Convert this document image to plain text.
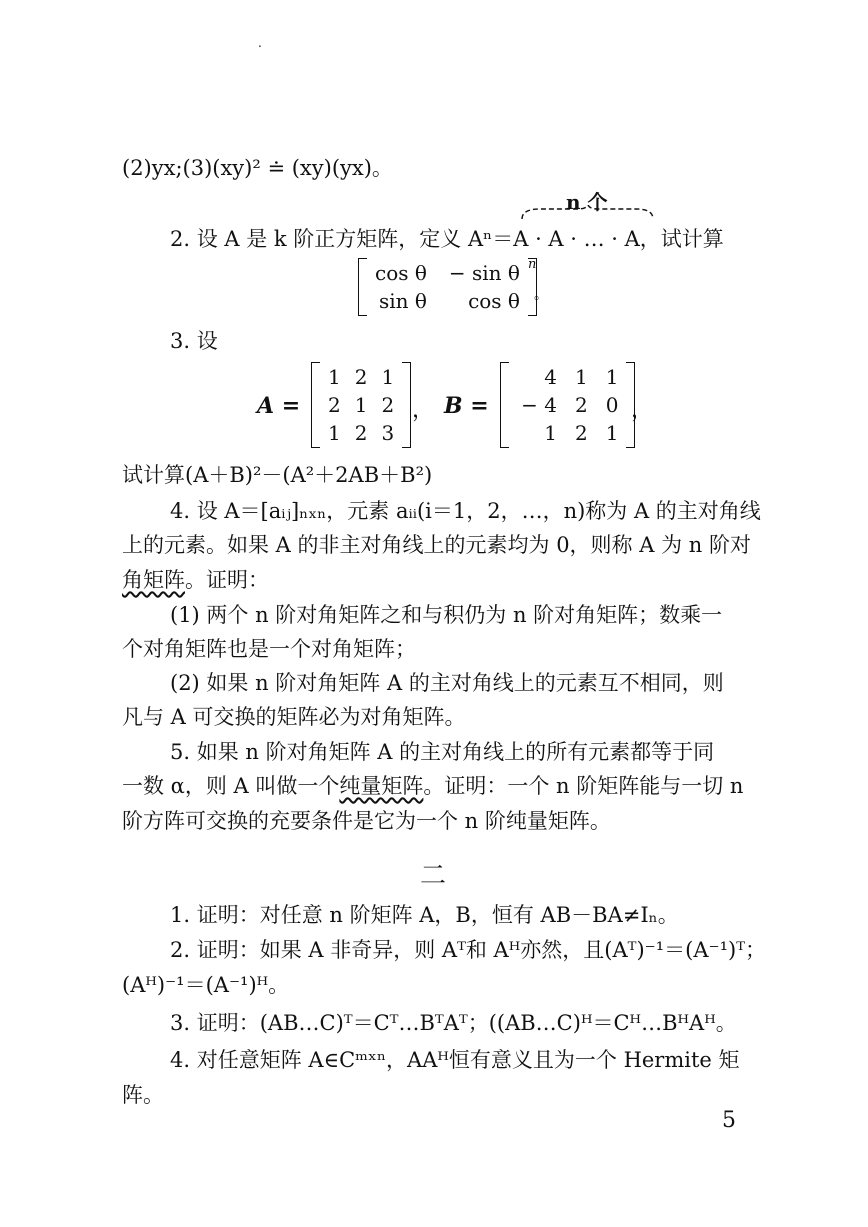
.
(2)yx;(3)(xy)² ≐ (xy)(yx)。
n 个
2. 设 A 是 k 阶正方矩阵，定义 Aⁿ＝A · A · … · A，试计算
cos θ − sin θ
sin θ	cos θ
n
。
3. 设
A =
1 2 1
2 1 2
1 2 3
， B =
4 1 1
− 4 2 0
1 2 1
，
试计算(A＋B)²－(A²＋2AB＋B²)
4. 设 A＝[aᵢⱼ]ₙₓₙ，元素 aᵢᵢ(i＝1，2，…，n)称为 A 的主对角线
上的元素。如果 A 的非主对角线上的元素均为 0，则称 A 为 n 阶对
角矩阵。证明：
(1) 两个 n 阶对角矩阵之和与积仍为 n 阶对角矩阵；数乘一
个对角矩阵也是一个对角矩阵；
(2) 如果 n 阶对角矩阵 A 的主对角线上的元素互不相同，则
凡与 A 可交换的矩阵必为对角矩阵。
5. 如果 n 阶对角矩阵 A 的主对角线上的所有元素都等于同
一数 α，则 A 叫做一个纯量矩阵。证明：一个 n 阶矩阵能与一切 n
阶方阵可交换的充要条件是它为一个 n 阶纯量矩阵。
二
1. 证明：对任意 n 阶矩阵 A，B，恒有 AB－BA≠Iₙ。
2. 证明：如果 A 非奇异，则 Aᵀ和 Aᴴ亦然，且(Aᵀ)⁻¹＝(A⁻¹)ᵀ；
(Aᴴ)⁻¹＝(A⁻¹)ᴴ。
3. 证明：(AB…C)ᵀ＝Cᵀ…BᵀAᵀ；((AB…C)ᴴ＝Cᴴ…BᴴAᴴ。
4. 对任意矩阵 A∈Cᵐˣⁿ，AAᴴ恒有意义且为一个 Hermite 矩
阵。
5
